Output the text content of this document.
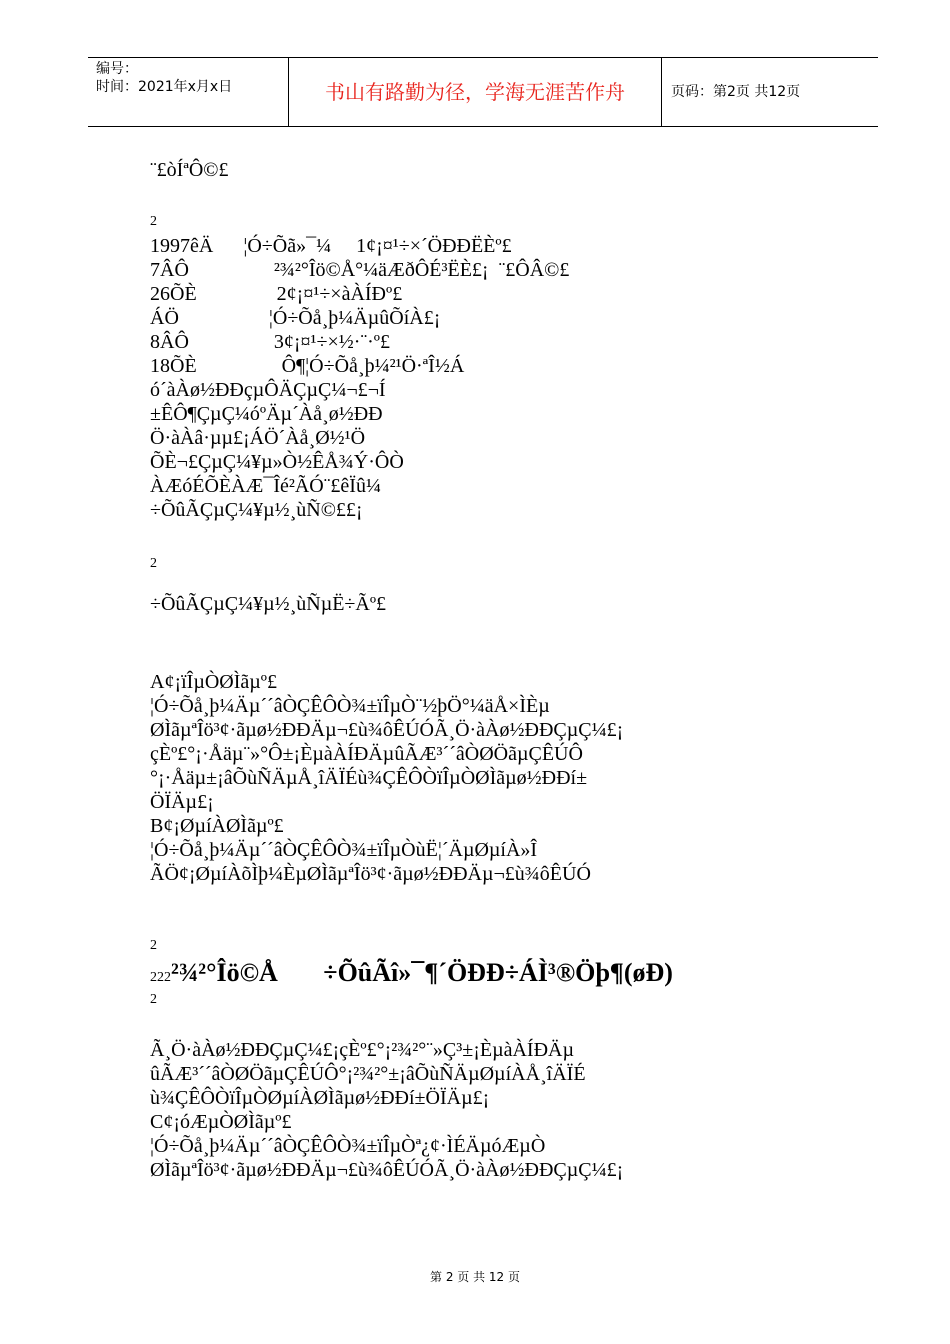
编号：
时间：2021年x月x日	书山有路勤为径，学海无涯苦作舟	页码：第2页 共12页
¨£òÍªÔ©£
2
1997êÄ      ¦Ó÷Õã»¯¼     1¢¡¤¹÷×´ÖÐÐËÈº£
7ÂÔ                 ²¾²°Îö©Å°¼äÆðÔÉ³ËÈ£¡  ¨£ÔÂ©£
26ÕÈ                2¢¡¤¹÷×àÀÍÐº£
ÁÖ                  ¦Ó÷Õå¸þ¼ÄµûÕíÀ£¡
8ÂÔ                 3¢¡¤¹÷×½·¨·º£
18ÕÈ                 Ô¶¦Ó÷Õå¸þ¼²¹Ö·ªÎ½Á
ó´àÀø½ÐÐçµÔÄÇµÇ¼¬£¬Í
±ÊÔ¶ÇµÇ¼óºÄµ´Àå¸ø½ÐÐ
Ö·àÀâ·µµ£¡ÁÖ´Àå¸Ø½¹Ö
ÕÈ¬£ÇµÇ¼¥µ»Ò½ÊÅ¾Ý·ÔÒ
ÀÆóÉÕÈÀÆ¯Îé²ÃÓ¨£êÏû¼
÷ÕûÃÇµÇ¼¥µ½¸ùÑ©££¡
2
÷ÕûÃÇµÇ¼¥µ½¸ùÑµË÷Ãº£
A¢¡ïÎµÒØÌãµº£
¦Ó÷Õå¸þ¼Äµ´´âÒÇÊÔÒ¾±ïÎµÒ¨½þÖ°¼äÅ×ÌÈµ
ØÌãµªÎö³¢·ãµø½ÐÐÄµ¬£ù¾ôÊÚÓÃ¸Ö·àÀø½ÐÐÇµÇ¼£¡
çÈº£°¡·Åäµ¨»°Ô±¡ÈµàÀÍÐÄµûÃÆ³´´âÒØÖãµÇÊÚÔ
°¡·Åäµ±¡âÕùÑÄµÅ¸îÄÏÉù¾ÇÊÔÒïÎµÒØÌãµø½ÐÐí±
ÖÏÄµ£¡
B¢¡ØµíÀØÌãµº£
¦Ó÷Õå¸þ¼Äµ´´âÒÇÊÔÒ¾±ïÎµÒùË¦´ÄµØµíÀ»Î
ÃÖ¢¡ØµíÀõÌþ¼ÈµØÌãµªÎö³¢·ãµø½ÐÐÄµ¬£ù¾ôÊÚÓ
2
222²¾²°Îö©Å       ÷ÕûÃî»¯¶´ÖÐÐ÷ÁÌ³®Öþ¶(øÐ)
2
Ã¸Ö·àÀø½ÐÐÇµÇ¼£¡çÈº£°¡²¾²°¨»Ç³±¡ÈµàÀÍÐÄµ
ûÃÆ³´´âÒØÖãµÇÊÚÔ°¡²¾²°±¡âÕùÑÄµØµíÀÅ¸îÄÏÉ
ù¾ÇÊÔÒïÎµÒØµíÀØÌãµø½ÐÐí±ÖÏÄµ£¡
C¢¡óÆµÒØÌãµº£
¦Ó÷Õå¸þ¼Äµ´´âÒÇÊÔÒ¾±ïÎµÒª¿¢·ÌÉÄµóÆµÒ
ØÌãµªÎö³¢·ãµø½ÐÐÄµ¬£ù¾ôÊÚÓÃ¸Ö·àÀø½ÐÐÇµÇ¼£¡
第 2 页 共 12 页
